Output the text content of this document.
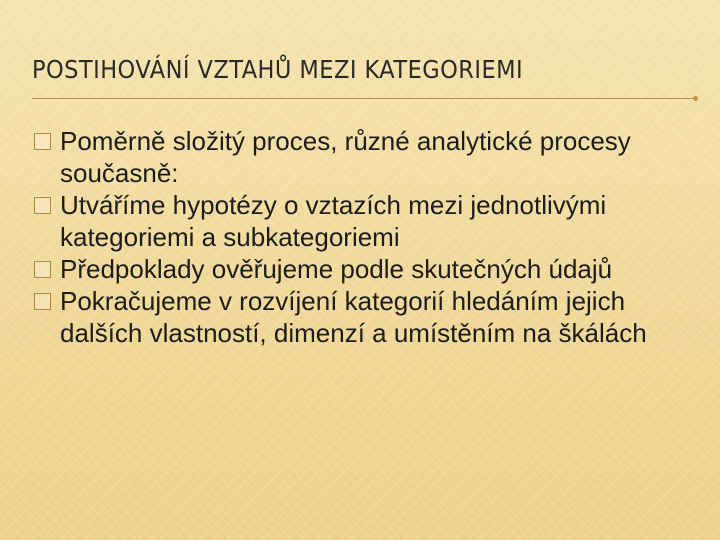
POSTIHOVÁNÍ VZTAHŮ MEZI KATEGORIEMI
Poměrně složitý proces, různé analytické procesy současně:
Utváříme hypotézy o vztazích mezi jednotlivými kategoriemi a subkategoriemi
Předpoklady ověřujeme podle skutečných údajů
Pokračujeme v rozvíjení kategorií hledáním jejich dalších vlastností, dimenzí a umístěním na škálách
